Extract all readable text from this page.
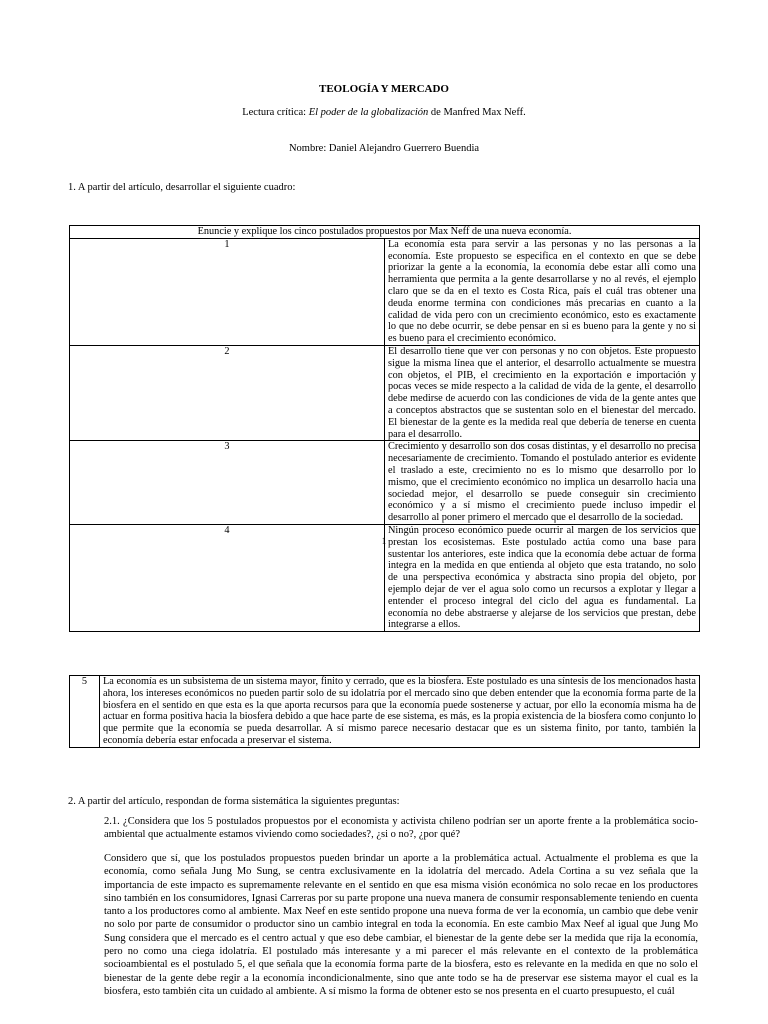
TEOLOGÍA Y MERCADO
Lectura crítica: El poder de la globalización de Manfred Max Neff.
Nombre: Daniel Alejandro Guerrero Buendia
1. A partir del artículo, desarrollar el siguiente cuadro:
Enuncie y explique los cinco postulados propuestos por Max Neff de una nueva economía.	
1	La economía esta para servir a las personas y no las personas a la economía. Este propuesto se especifica en el contexto en que se debe priorizar la gente a la economía, la economía debe estar allí como una herramienta que permita a la gente desarrollarse y no al revés, el ejemplo claro que se da en el texto es Costa Rica, país el cuál tras obtener una deuda enorme termina con condiciones más precarias en cuanto a la calidad de vida pero con un crecimiento económico, esto es exactamente lo que no debe ocurrir, se debe pensar en si es bueno para la gente y no si es bueno para el crecimiento económico.
2	El desarrollo tiene que ver con personas y no con objetos. Este propuesto sigue la misma línea que el anterior, el desarrollo actualmente se muestra con objetos, el PIB, el crecimiento en la exportación e importación y pocas veces se mide respecto a la calidad de vida de la gente, el desarrollo debe medirse de acuerdo con las condiciones de vida de la gente antes que a conceptos abstractos que se sustentan solo en el bienestar del mercado. El bienestar de la gente es la medida real que debería de tenerse en cuenta para el desarrollo.
3	Crecimiento y desarrollo son dos cosas distintas, y el desarrollo no precisa necesariamente de crecimiento. Tomando el postulado anterior es evidente el traslado a este, crecimiento no es lo mismo que desarrollo por lo mismo, que el crecimiento económico no implica un desarrollo hacia una sociedad mejor, el desarrollo se puede conseguir sin crecimiento económico y a sí mismo el crecimiento puede incluso impedir el desarrollo al poner primero el mercado que el desarrollo de la sociedad.
4	Ningún proceso económico puede ocurrir al margen de los servicios que prestan los ecosistemas. Este postulado actúa como una base para sustentar los anteriores, este indica que la economía debe actuar de forma integra en la medida en que entienda al objeto que esta tratando, no solo de una perspectiva económica y abstracta sino propia del objeto, por ejemplo dejar de ver el agua solo como un recursos a explotar y llegar a entender el proceso integral del ciclo del agua es fundamental. La economía no debe abstraerse y alejarse de los servicios que prestan, debe integrarse a ellos.
1
5	La economía es un subsistema de un sistema mayor, finito y cerrado, que es la biosfera. Este postulado es una síntesis de los mencionados hasta ahora, los intereses económicos no pueden partir solo de su idolatría por el mercado sino que deben entender que la economía forma parte de la biosfera en el sentido en que esta es la que aporta recursos para que la economía puede sostenerse y actuar, por ello la economía misma ha de actuar en forma positiva hacia la biosfera debido a que hace parte de ese sistema, es más, es la propia existencia de la biosfera como conjunto lo que permite que la economía se pueda desarrollar. A sí mismo parece necesario destacar que es un sistema finito, por tanto, también la economía debería estar enfocada a preservar el sistema.
2. A partir del artículo, respondan de forma sistemática la siguientes preguntas:
2.1. ¿Considera que los 5 postulados propuestos por el economista y activista chileno podrían ser un aporte frente a la problemática socio-ambiental que actualmente estamos viviendo como sociedades?, ¿si o no?, ¿por qué?
Considero que sí, que los postulados propuestos pueden brindar un aporte a la problemática actual. Actualmente el problema es que la economía, como señala Jung Mo Sung, se centra exclusivamente en la idolatría del mercado. Adela Cortina a su vez señala que la importancia de este impacto es supremamente relevante en el sentido en que esa misma visión económica no solo recae en los productores sino también en los consumidores, Ignasi Carreras por su parte propone una nueva manera de consumir responsablemente teniendo en cuenta tanto a los productores como al ambiente. Max Neef en este sentido propone una nueva forma de ver la economía, un cambio que debe venir no solo por parte de consumidor o productor sino un cambio integral en toda la economía. En este cambio Max Neef al igual que Jung Mo Sung considera que el mercado es el centro actual y que eso debe cambiar, el bienestar de la gente debe ser la medida que rija la economía, pero no como una ciega idolatría. El postulado más interesante y a mi parecer el más relevante en el contexto de la problemática socioambiental es el postulado 5, el que señala que la economía forma parte de la biosfera, esto es relevante en la medida en que no solo el bienestar de la gente debe regir a la economía incondicionalmente, sino que ante todo se ha de preservar ese sistema mayor el cual es la biosfera, esto también cita un cuidado al ambiente. A sí mismo la forma de obtener esto se nos presenta en el cuarto presupuesto, el cuál
